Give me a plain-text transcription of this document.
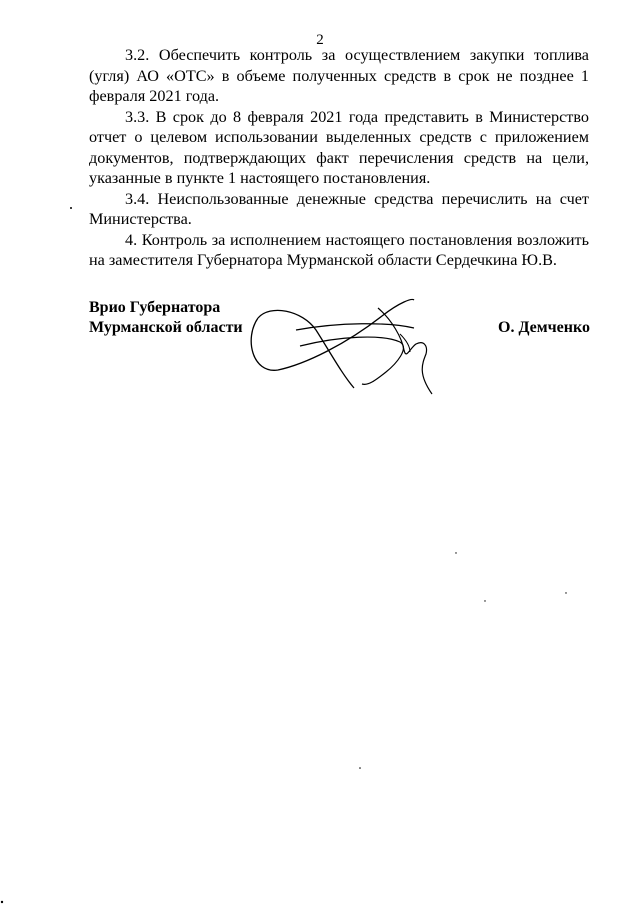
2

3.2. Обеспечить контроль за осуществлением закупки топлива (угля) АО «ОТС» в объеме полученных средств в срок не позднее 1 февраля 2021 года.

3.3. В срок до 8 февраля 2021 года представить в Министерство отчет о целевом использовании выделенных средств с приложением документов, подтверждающих факт перечисления средств на цели, указанные в пункте 1 настоящего постановления.

3.4. Неиспользованные денежные средства перечислить на счет Министерства.

4. Контроль за исполнением настоящего постановления возложить на заместителя Губернатора Мурманской области Сердечкина Ю.В.

Врио Губернатора
Мурманской области	О. Демченко
